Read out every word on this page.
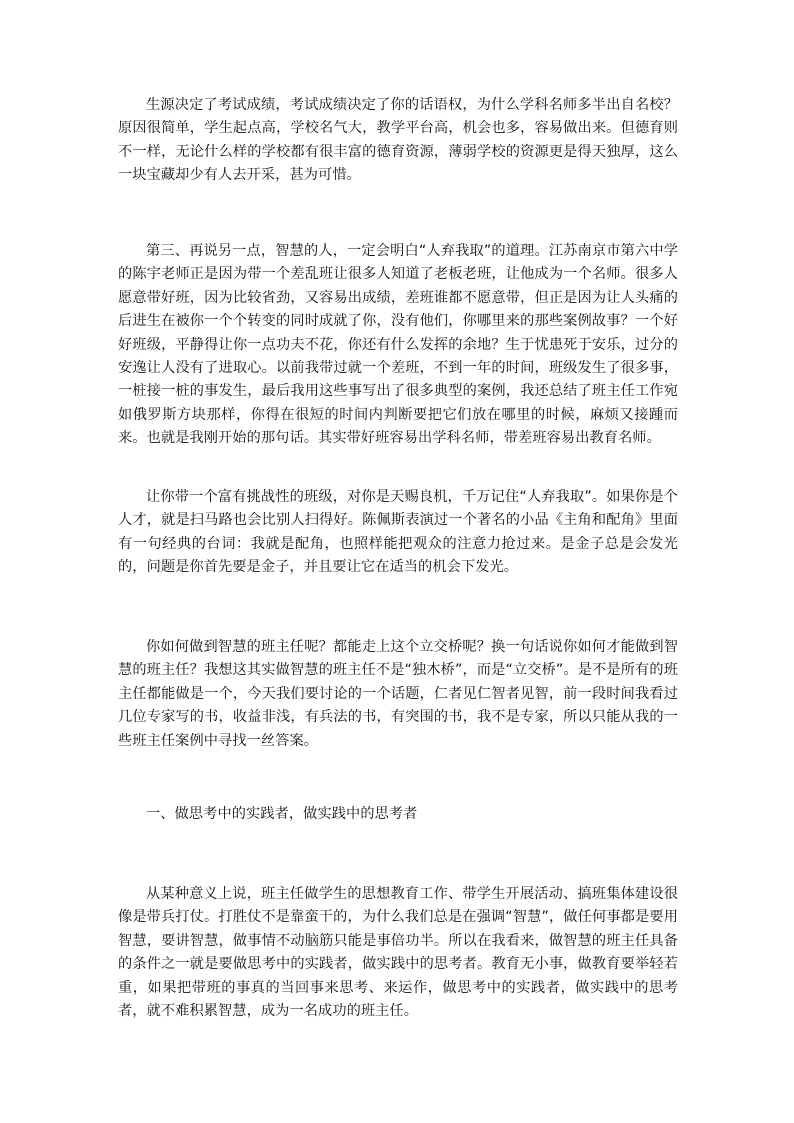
生源决定了考试成绩，考试成绩决定了你的话语权，为什么学科名师多半出自名校？原因很简单，学生起点高，学校名气大，教学平台高，机会也多，容易做出来。但德育则不一样，无论什么样的学校都有很丰富的德育资源，薄弱学校的资源更是得天独厚，这么一块宝藏却少有人去开采，甚为可惜。

第三、再说另一点，智慧的人，一定会明白“人弃我取”的道理。江苏南京市第六中学的陈宇老师正是因为带一个差乱班让很多人知道了老板老班，让他成为一个名师。很多人愿意带好班，因为比较省劲，又容易出成绩，差班谁都不愿意带，但正是因为让人头痛的后进生在被你一个个转变的同时成就了你，没有他们，你哪里来的那些案例故事？一个好好班级，平静得让你一点功夫不花，你还有什么发挥的余地？生于忧患死于安乐，过分的安逸让人没有了进取心。以前我带过就一个差班，不到一年的时间，班级发生了很多事，一桩接一桩的事发生，最后我用这些事写出了很多典型的案例，我还总结了班主任工作宛如俄罗斯方块那样，你得在很短的时间内判断要把它们放在哪里的时候，麻烦又接踵而来。也就是我刚开始的那句话。其实带好班容易出学科名师，带差班容易出教育名师。

让你带一个富有挑战性的班级，对你是天赐良机，千万记住“人弃我取”。如果你是个人才，就是扫马路也会比别人扫得好。陈佩斯表演过一个著名的小品《主角和配角》里面有一句经典的台词：我就是配角，也照样能把观众的注意力抢过来。是金子总是会发光的，问题是你首先要是金子，并且要让它在适当的机会下发光。

你如何做到智慧的班主任呢？都能走上这个立交桥呢？换一句话说你如何才能做到智慧的班主任？我想这其实做智慧的班主任不是“独木桥”，而是“立交桥”。是不是所有的班主任都能做是一个，今天我们要讨论的一个话题，仁者见仁智者见智，前一段时间我看过几位专家写的书，收益非浅，有兵法的书，有突围的书，我不是专家，所以只能从我的一些班主任案例中寻找一丝答案。

一、做思考中的实践者，做实践中的思考者

从某种意义上说，班主任做学生的思想教育工作、带学生开展活动、搞班集体建设很像是带兵打仗。打胜仗不是靠蛮干的，为什么我们总是在强调“智慧”，做任何事都是要用智慧，要讲智慧，做事情不动脑筋只能是事倍功半。所以在我看来，做智慧的班主任具备的条件之一就是要做思考中的实践者，做实践中的思考者。教育无小事，做教育要举轻若重，如果把带班的事真的当回事来思考、来运作，做思考中的实践者，做实践中的思考者，就不难积累智慧，成为一名成功的班主任。
